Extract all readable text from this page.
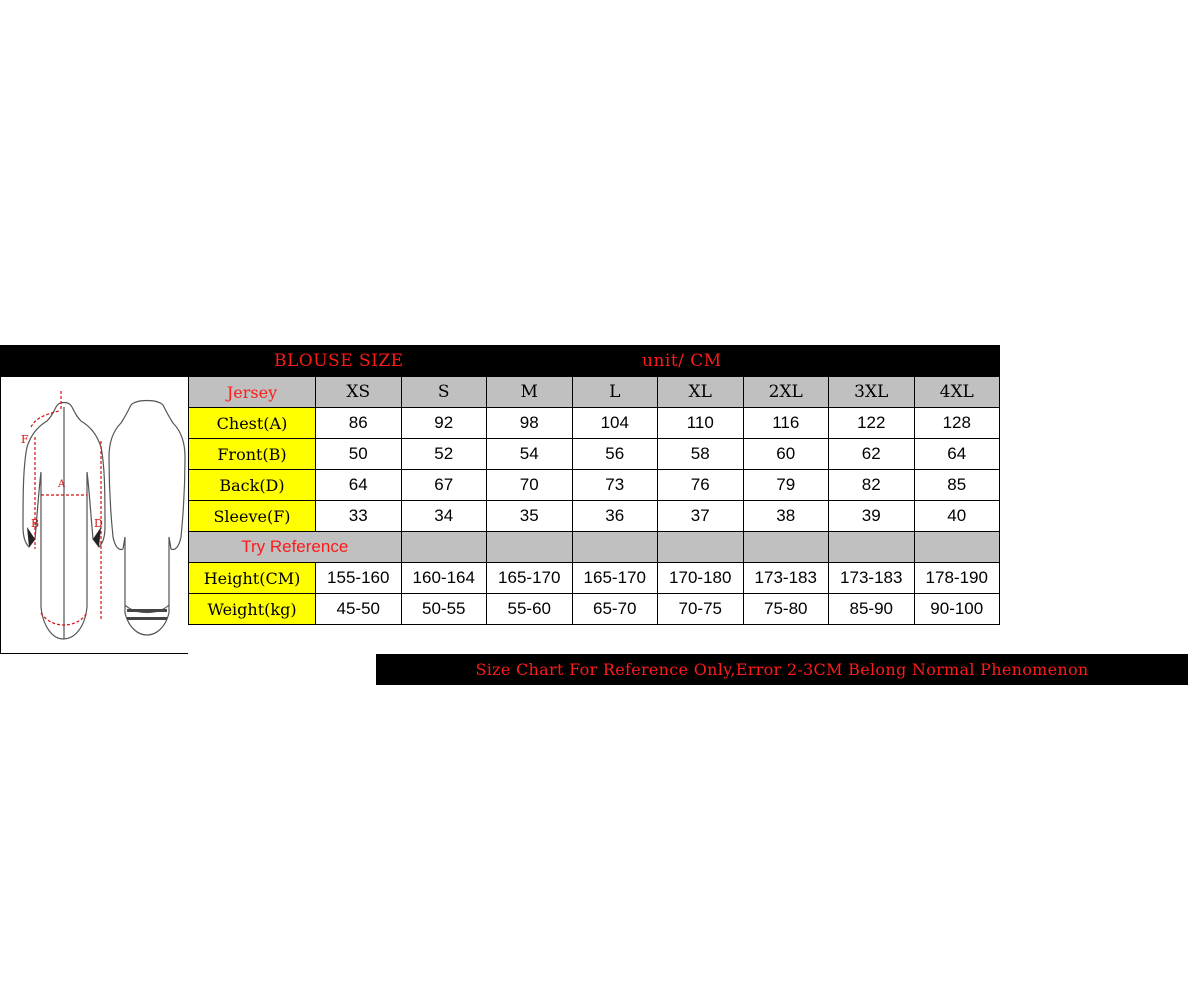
BLOUSE SIZE	unit/ CM
F
A
B	D
Jersey	XS	S	M	L	XL	2XL	3XL	4XL
Chest(A)	86	92	98	104	110	116	122	128
Front(B)	50	52	54	56	58	60	62	64
Back(D)	64	67	70	73	76	79	82	85
Sleeve(F)	33	34	35	36	37	38	39	40
Try Reference								
Height(CM)	155-160	160-164	165-170	165-170	170-180	173-183	173-183	178-190
Weight(kg)	45-50	50-55	55-60	65-70	70-75	75-80	85-90	90-100
Size Chart For Reference Only,Error 2-3CM Belong Normal Phenomenon
